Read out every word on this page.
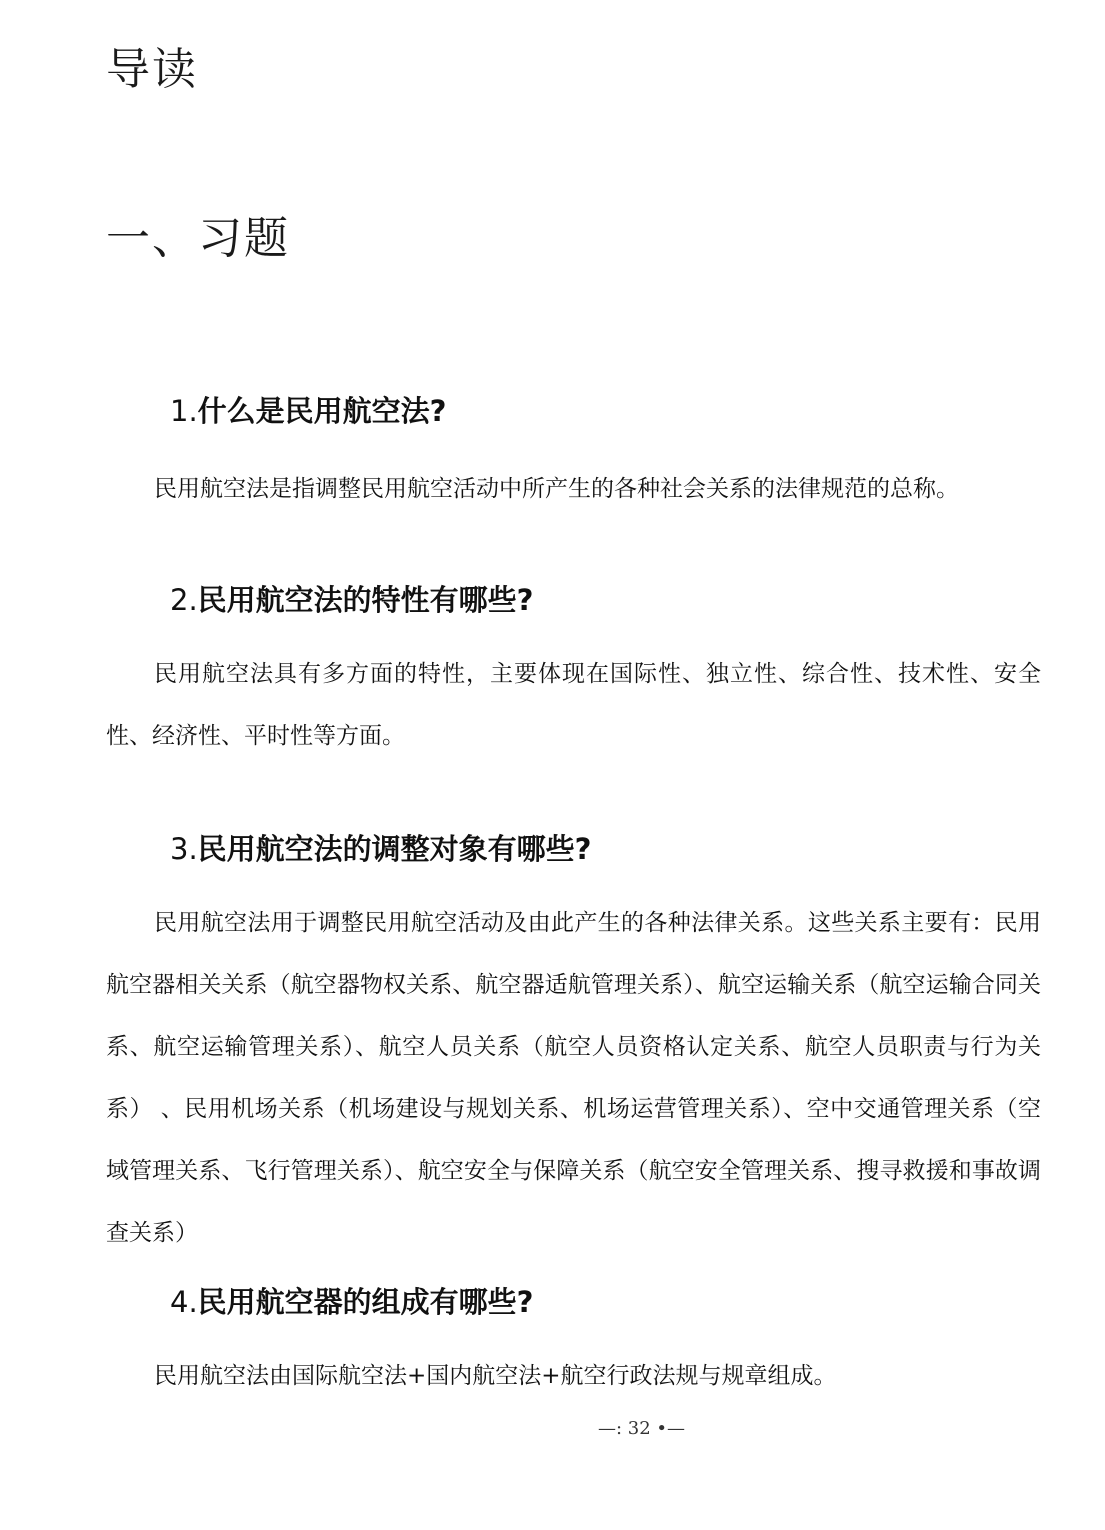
导读
一、习题
1.什么是民用航空法?

民用航空法是指调整民用航空活动中所产生的各种社会关系的法律规范的总称。

2.民用航空法的特性有哪些?

民用航空法具有多方面的特性，主要体现在国际性、独立性、综合性、技术性、安全性、经济性、平时性等方面。

3.民用航空法的调整对象有哪些?

民用航空法用于调整民用航空活动及由此产生的各种法律关系。这些关系主要有：民用航空器相关关系（航空器物权关系、航空器适航管理关系）、航空运输关系（航空运输合同关系、航空运输管理关系）、航空人员关系（航空人员资格认定关系、航空人员职责与行为关系） 、民用机场关系（机场建设与规划关系、机场运营管理关系）、空中交通管理关系（空域管理关系、飞行管理关系）、航空安全与保障关系（航空安全管理关系、搜寻救援和事故调查关系）

4.民用航空器的组成有哪些?

民用航空法由国际航空法+国内航空法+航空行政法规与规章组成。

—: 32 •—
